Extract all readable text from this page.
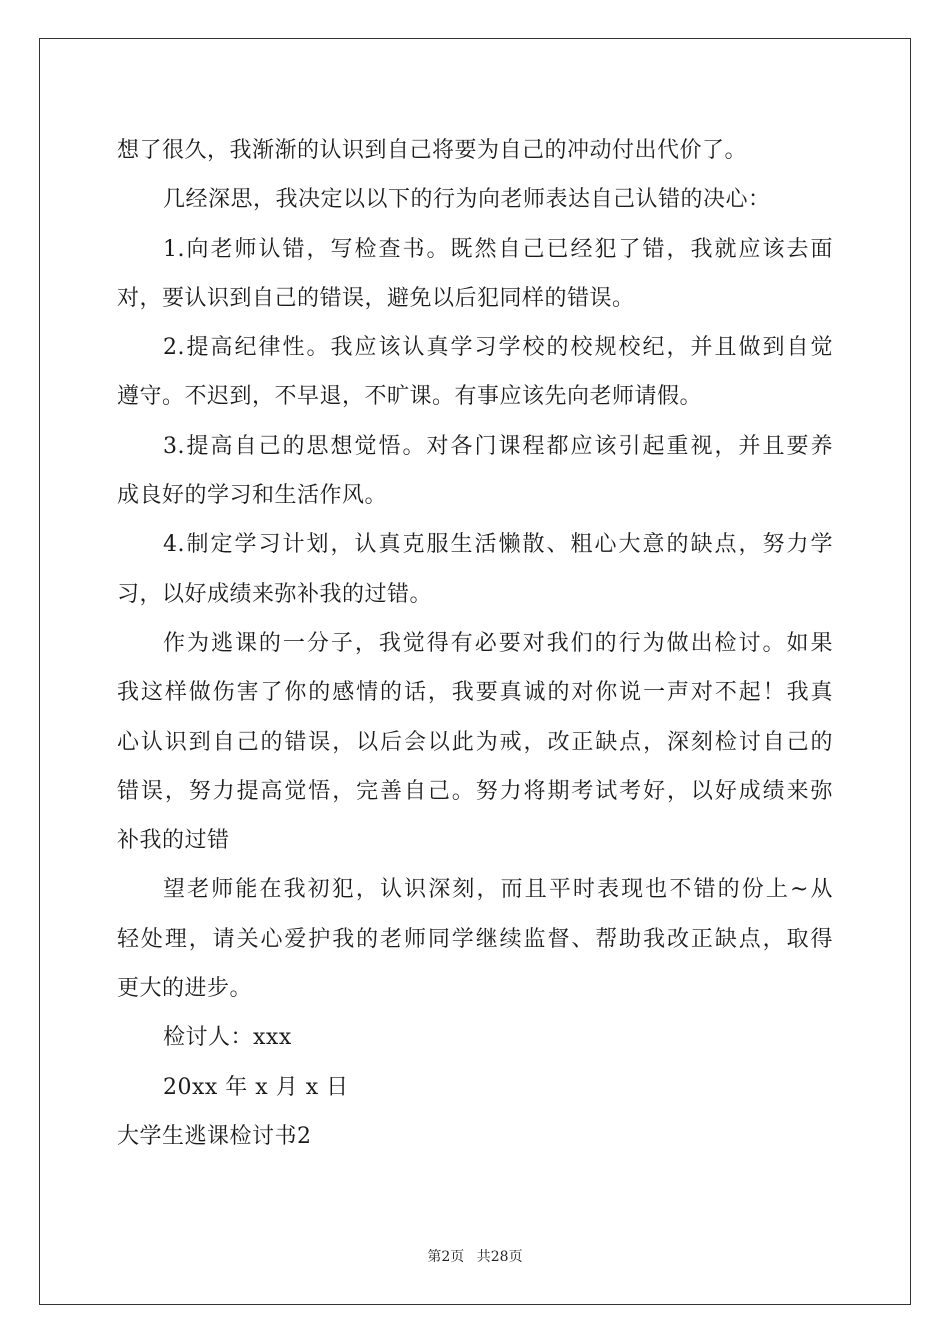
想了很久，我渐渐的认识到自己将要为自己的冲动付出代价了。
几经深思，我决定以以下的行为向老师表达自己认错的决心：
1.向老师认错，写检查书。既然自己已经犯了错，我就应该去面
对，要认识到自己的错误，避免以后犯同样的错误。
2.提高纪律性。我应该认真学习学校的校规校纪，并且做到自觉
遵守。不迟到，不早退，不旷课。有事应该先向老师请假。
3.提高自己的思想觉悟。对各门课程都应该引起重视，并且要养
成良好的学习和生活作风。
4.制定学习计划，认真克服生活懒散、粗心大意的缺点，努力学
习，以好成绩来弥补我的过错。
作为逃课的一分子，我觉得有必要对我们的行为做出检讨。如果
我这样做伤害了你的感情的话，我要真诚的对你说一声对不起！我真
心认识到自己的错误，以后会以此为戒，改正缺点，深刻检讨自己的
错误，努力提高觉悟，完善自己。努力将期考试考好，以好成绩来弥
补我的过错
望老师能在我初犯，认识深刻，而且平时表现也不错的份上~从
轻处理，请关心爱护我的老师同学继续监督、帮助我改正缺点，取得
更大的进步。
检讨人：xxx
20xx 年 x 月 x 日
大学生逃课检讨书2
第2页 共28页
